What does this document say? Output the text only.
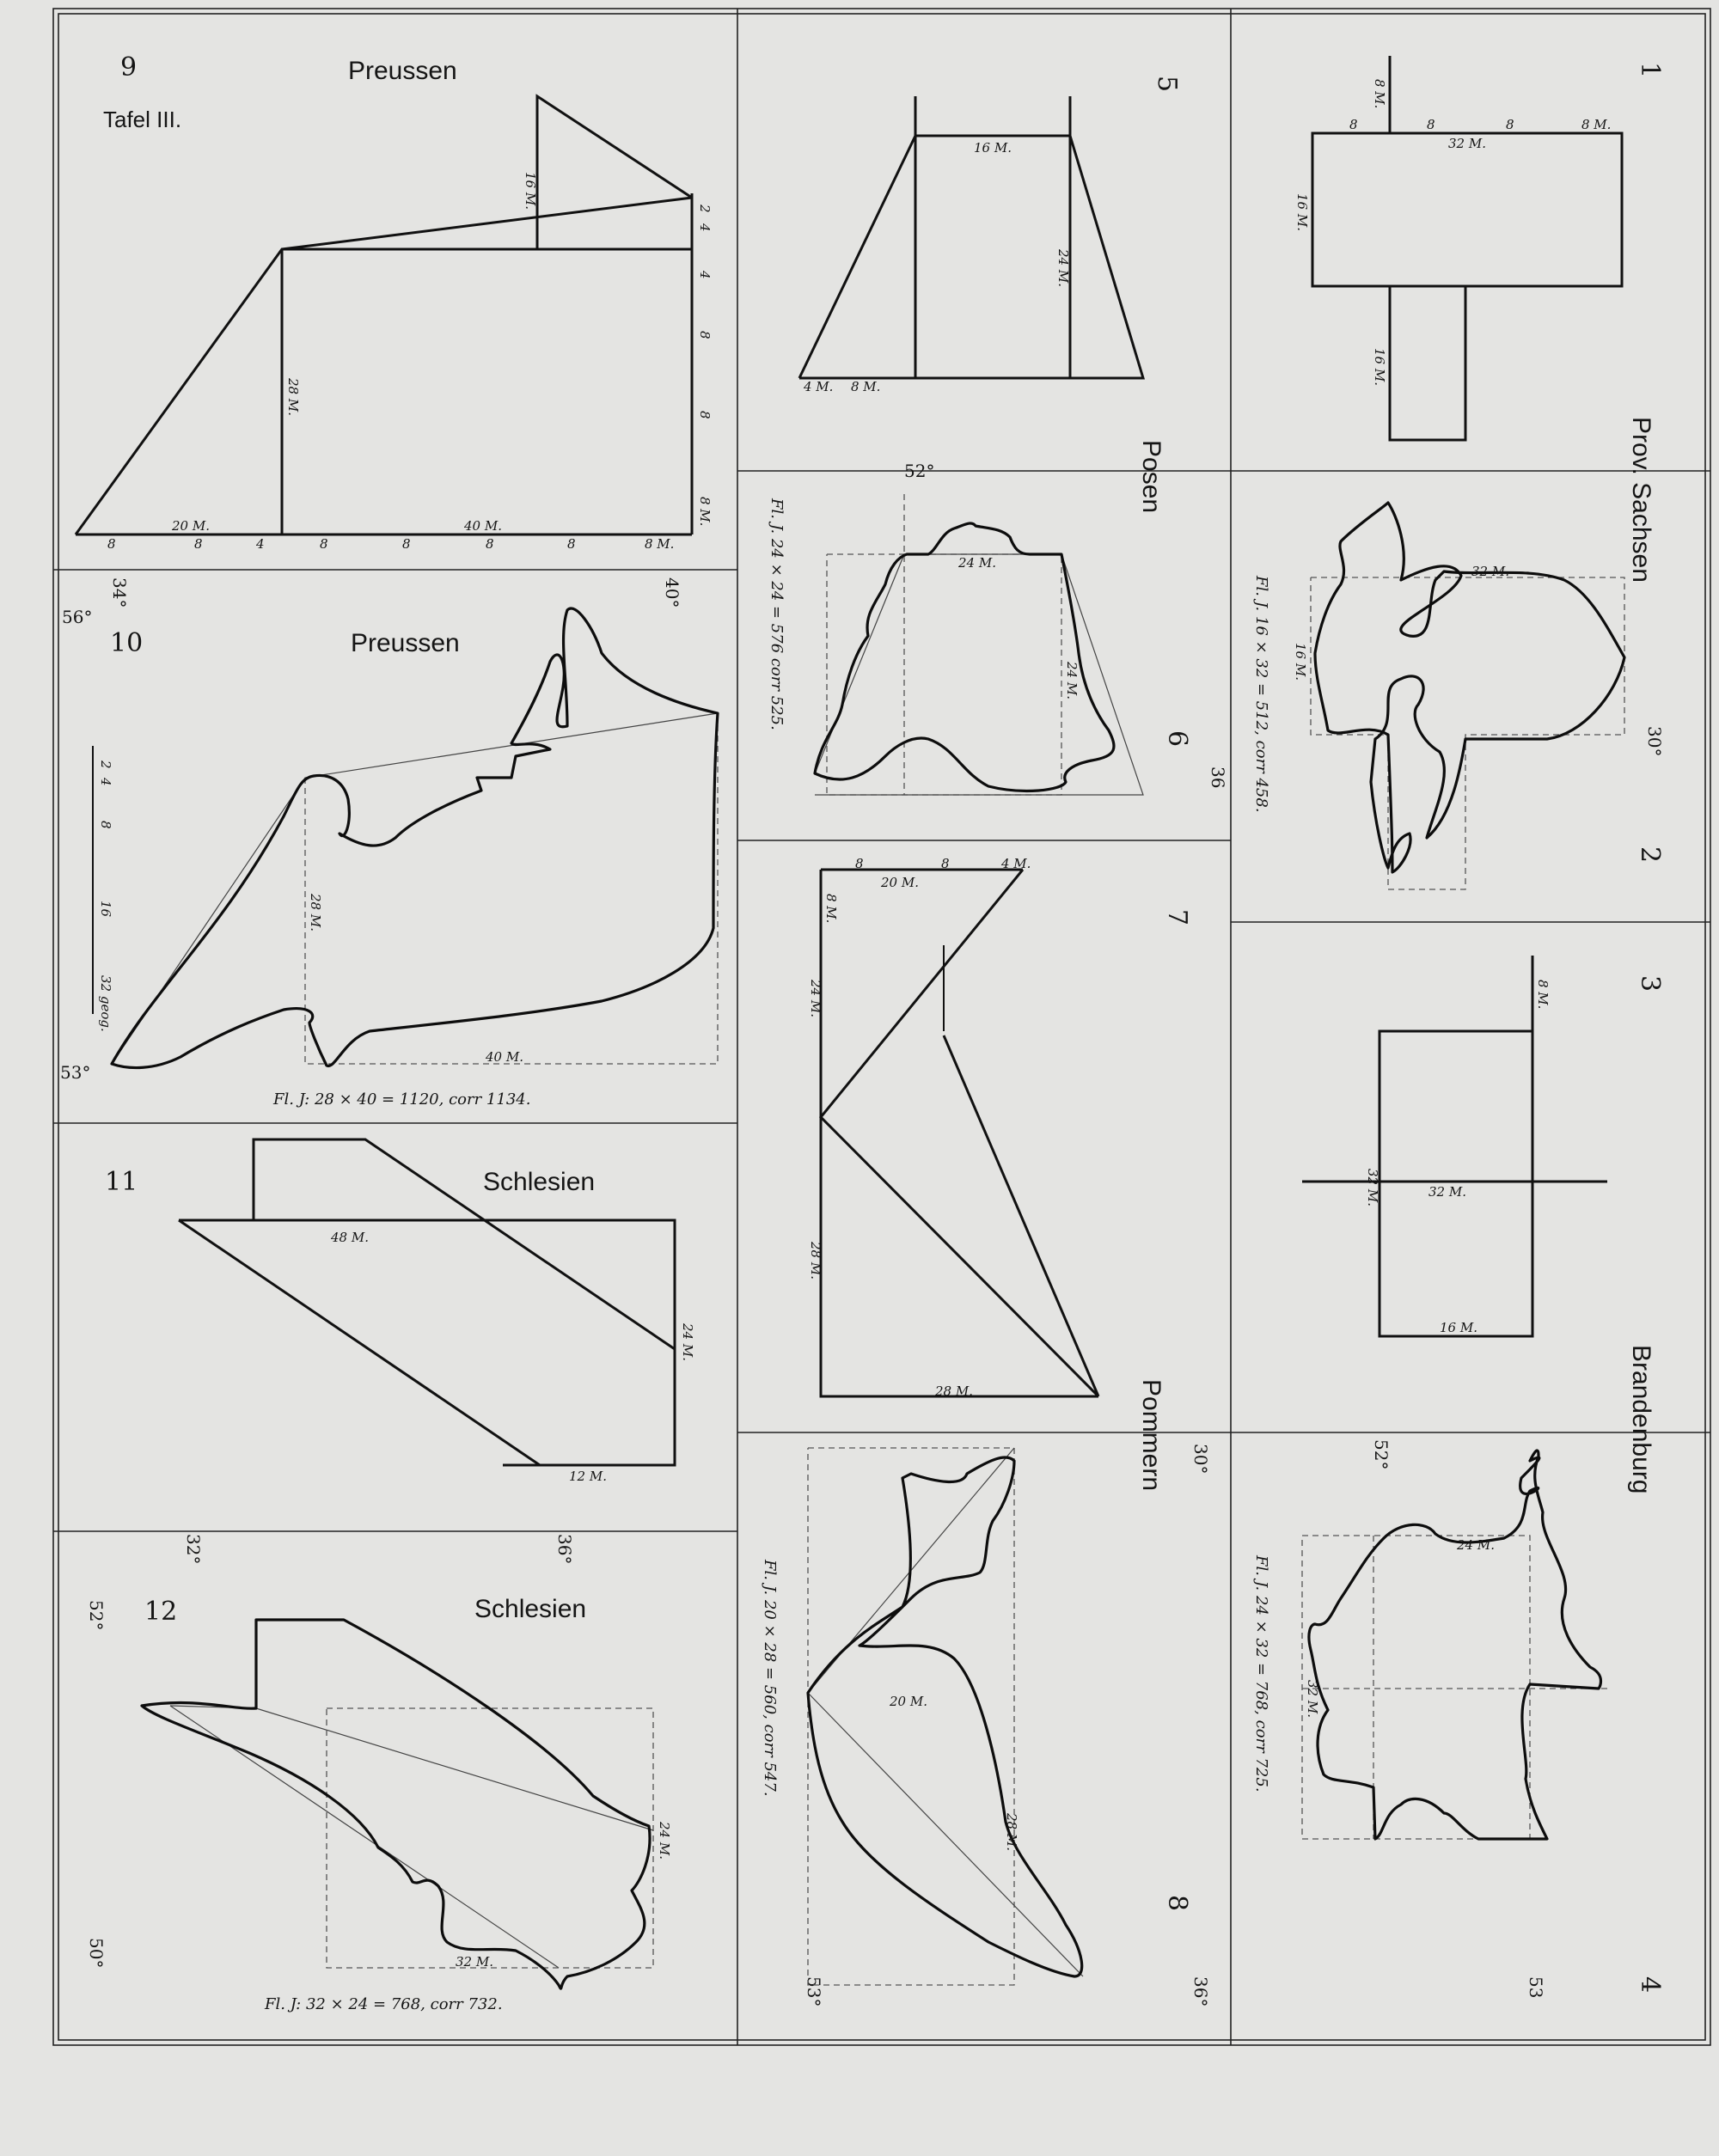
9	Preussen
Tafel III.
16 M.	2
4
4
8
8
8 M.
28 M.
20 M.	40 M.
8	8	4	8	8	8	8	8 M.
34°	40°
10	Preussen
56°
53°
2
4
8
16
32 geog.
28 M.
40 M.
Fl. J: 28 × 40 = 1120, corr 1134.
11	Schlesien
48 M.
24 M.
12 M.
32°	36°
12	Schlesien
52°
50°
24 M.
32 M.
Fl. J: 32 × 24 = 768, corr 732.
5
16 M.
24 M.
4 M. 8 M.
Posen
6
52°
36
24 M.
24 M.
Fl. J. 24 × 24 = 576 corr 525.
7
8
20 M.
8	4 M.
8 M.
24 M.
28 M.
28 M.	Pommern
8
30°
53°	36°
20 M.
28 M.
Fl. J. 20 × 28 = 560, corr 547.
1
8 M.
8	8	8	8 M.
32 M.
16 M.
16 M.
Prov. Sachsen
2
30°
32 M.
16 M.
Fl. J. 16 × 32 = 512, corr 458.
3
8 M.
32 M.	32 M.
16 M.
Brandenburg
4
52°
53
24 M.
32 M.
Fl. J. 24 × 32 = 768, corr 725.
